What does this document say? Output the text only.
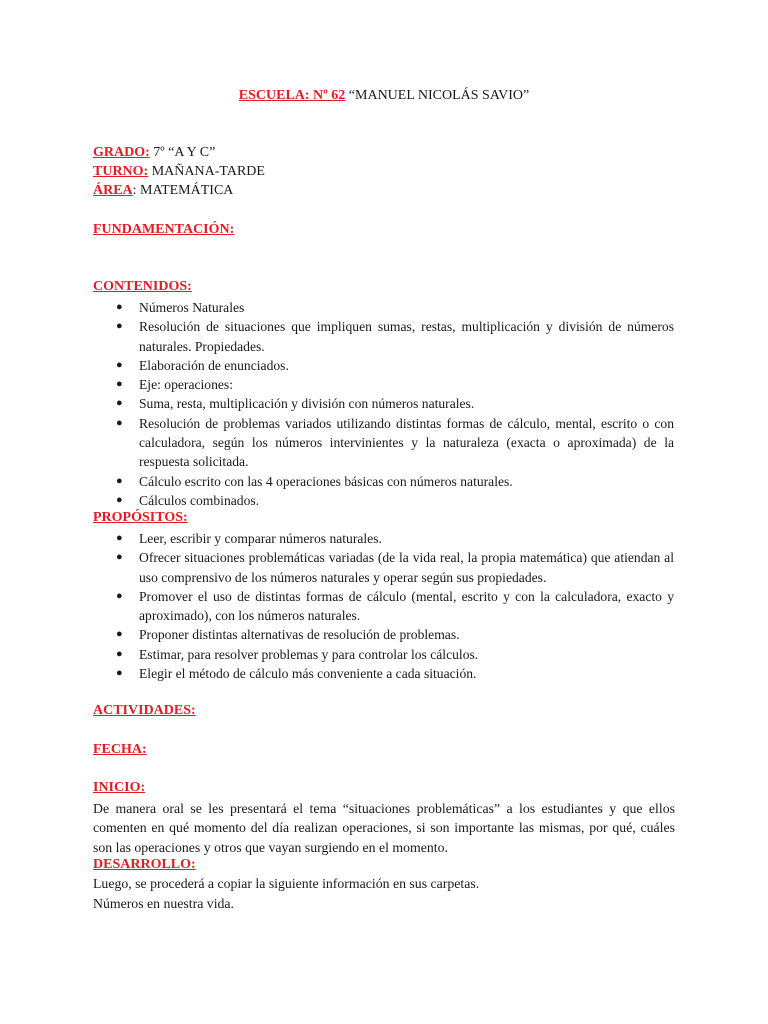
ESCUELA: Nº 62 “MANUEL NICOLÁS SAVIO”
GRADO: 7º “A Y C”
TURNO: MAÑANA-TARDE
ÁREA: MATEMÁTICA
FUNDAMENTACIÓN:
CONTENIDOS:
● Números Naturales
● Resolución de situaciones que impliquen sumas, restas, multiplicación y división de números naturales. Propiedades.
● Elaboración de enunciados.
● Eje: operaciones:
● Suma, resta, multiplicación y división con números naturales.
● Resolución de problemas variados utilizando distintas formas de cálculo, mental, escrito o con calculadora, según los números intervinientes y la naturaleza (exacta o aproximada) de la respuesta solicitada.
● Cálculo escrito con las 4 operaciones básicas con números naturales.
● Cálculos combinados.
PROPÓSITOS:
● Leer, escribir y comparar números naturales.
● Ofrecer situaciones problemáticas variadas (de la vida real, la propia matemática) que atiendan al uso comprensivo de los números naturales y operar según sus propiedades.
● Promover el uso de distintas formas de cálculo (mental, escrito y con la calculadora, exacto y aproximado), con los números naturales.
● Proponer distintas alternativas de resolución de problemas.
● Estimar, para resolver problemas y para controlar los cálculos.
● Elegir el método de cálculo más conveniente a cada situación.
ACTIVIDADES:
FECHA:
INICIO:
De manera oral se les presentará el tema “situaciones problemáticas” a los estudiantes y que ellos comenten en qué momento del día realizan operaciones, si son importante las mismas, por qué, cuáles son las operaciones y otros que vayan surgiendo en el momento.
DESARROLLO:
Luego, se procederá a copiar la siguiente información en sus carpetas.
Números en nuestra vida.
